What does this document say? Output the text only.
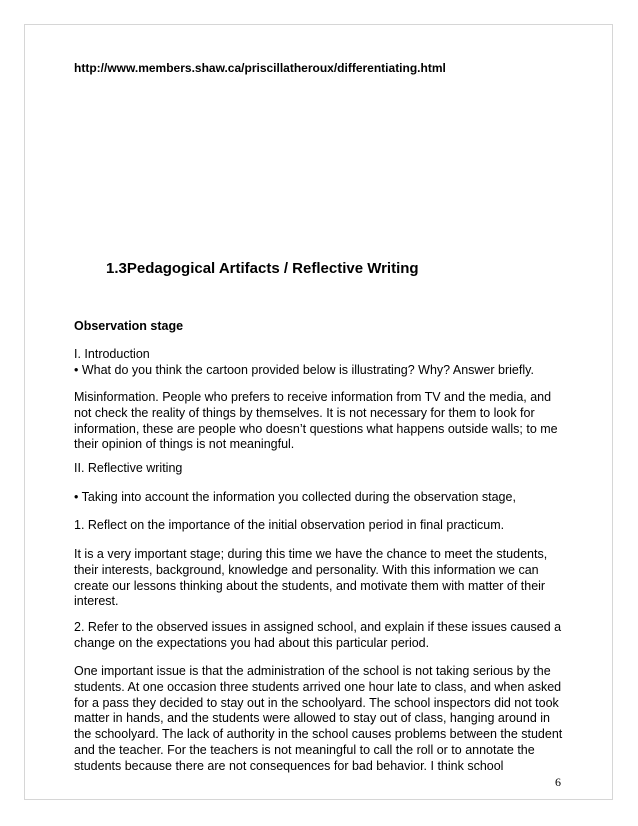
http://www.members.shaw.ca/priscillatheroux/differentiating.html

1.3Pedagogical Artifacts / Reflective Writing

Observation stage

I. Introduction
• What do you think the cartoon provided below is illustrating? Why? Answer briefly.

Misinformation. People who prefers to receive information from TV and the media, and
not check the reality of things by themselves. It is not necessary for them to look for
information, these are people who doesn’t questions what happens outside walls; to me
their opinion of things is not meaningful.

II. Reflective writing

• Taking into account the information you collected during the observation stage,

1. Reflect on the importance of the initial observation period in final practicum.

It is a very important stage; during this time we have the chance to meet the students,
their interests, background, knowledge and personality. With this information we can
create our lessons thinking about the students, and motivate them with matter of their
interest.

2. Refer to the observed issues in assigned school, and explain if these issues caused a
change on the expectations you had about this particular period.

One important issue is that the administration of the school is not taking serious by the
students. At one occasion three students arrived one hour late to class, and when asked
for a pass they decided to stay out in the schoolyard. The school inspectors did not took
matter in hands, and the students were allowed to stay out of class, hanging around in
the schoolyard. The lack of authority in the school causes problems between the student
and the teacher. For the teachers is not meaningful to call the roll or to annotate the
students because there are not consequences for bad behavior. I think school

6
